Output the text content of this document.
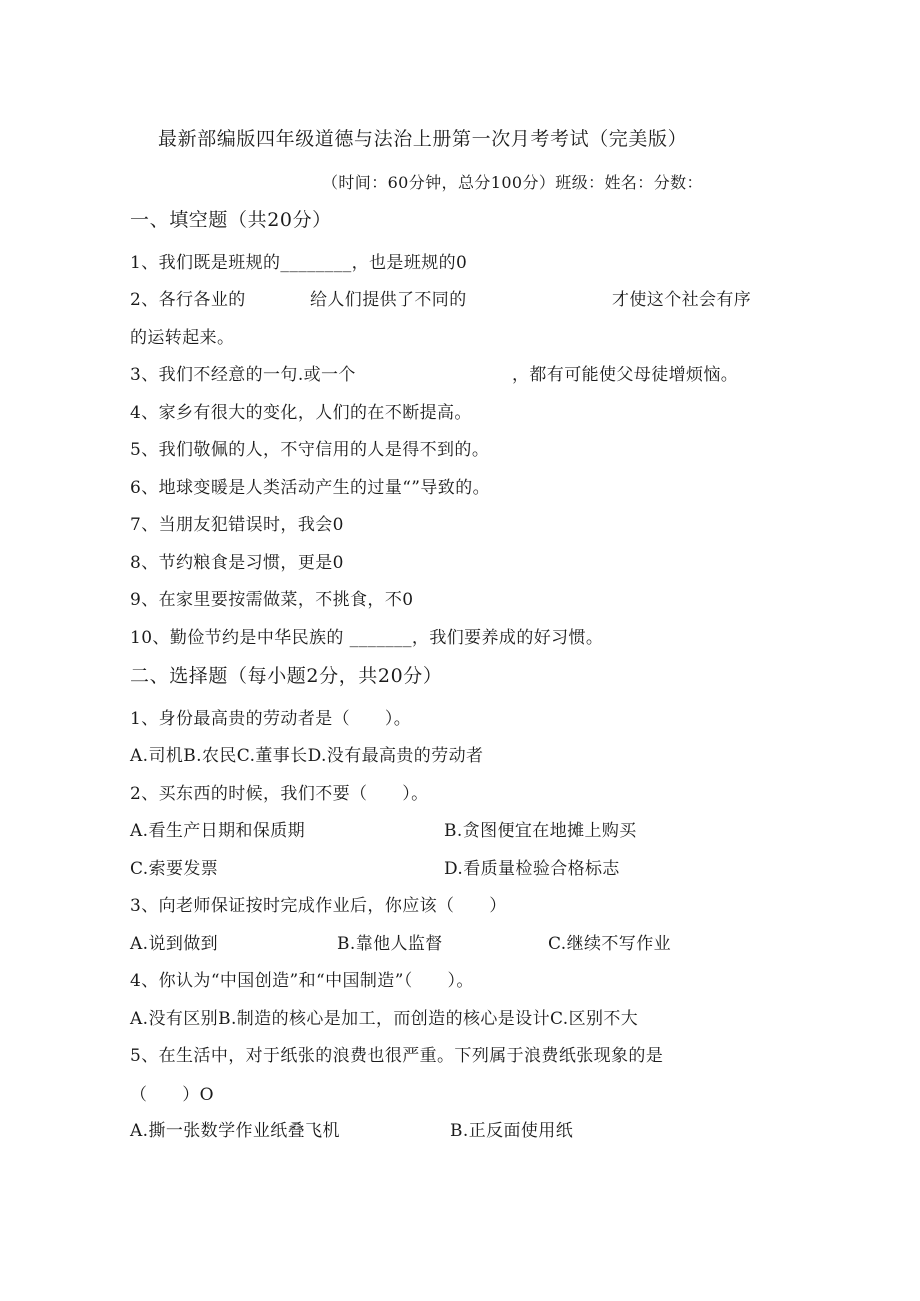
最新部编版四年级道德与法治上册第一次月考考试（完美版）
（时间：60分钟，总分100分）班级：姓名：分数：
一、填空题（共20分）
1、我们既是班规的________，也是班规的0
2、各行各业的	给人们提供了不同的	才使这个社会有序
的运转起来。
3、我们不经意的一句.或一个	，都有可能使父母徒增烦恼。
4、家乡有很大的变化，人们的在不断提高。
5、我们敬佩的人，不守信用的人是得不到的。
6、地球变暖是人类活动产生的过量“”导致的。
7、当朋友犯错误时，我会0
8、节约粮食是习惯，更是0
9、在家里要按需做菜，不挑食，不0
10、勤俭节约是中华民族的 _______，我们要养成的好习惯。
二、选择题（每小题2分，共20分）
1、身份最高贵的劳动者是（　　）。
A.司机B.农民C.董事长D.没有最高贵的劳动者
2、买东西的时候，我们不要（　　）。
A.看生产日期和保质期	B.贪图便宜在地摊上购买
C.索要发票	D.看质量检验合格标志
3、向老师保证按时完成作业后，你应该（　　）
A.说到做到	B.靠他人监督	C.继续不写作业
4、你认为“中国创造”和“中国制造”（　　）。
A.没有区别B.制造的核心是加工，而创造的核心是设计C.区别不大
5、在生活中，对于纸张的浪费也很严重。下列属于浪费纸张现象的是
（　　）O
A.撕一张数学作业纸叠飞机	B.正反面使用纸
